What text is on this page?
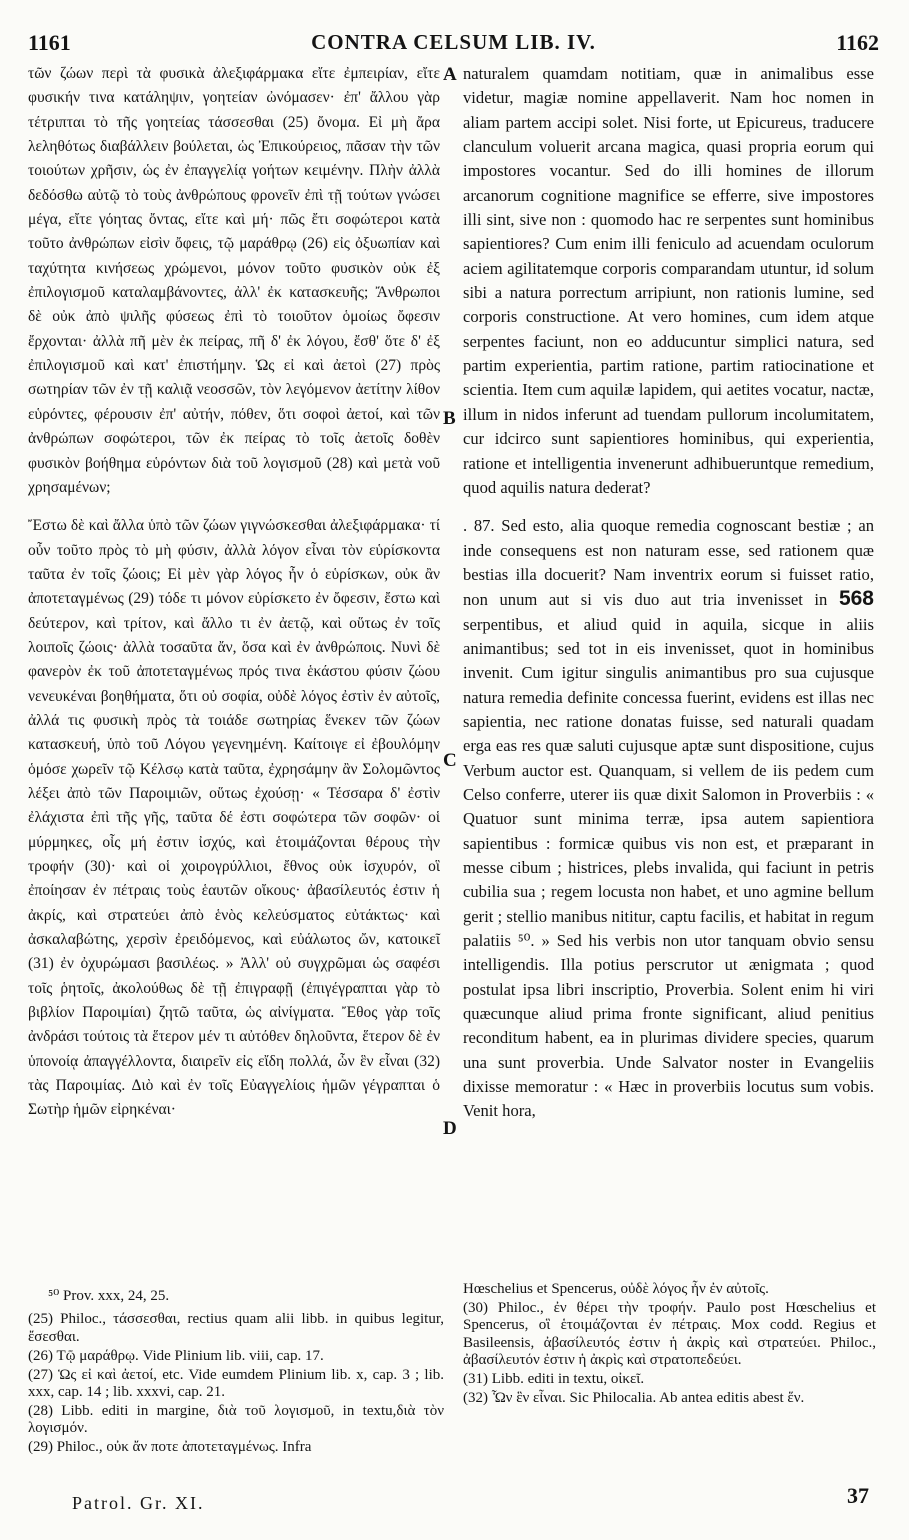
1161	CONTRA CELSUM LIB. IV.	1162

τῶν ζώων περὶ τὰ φυσικὰ ἀλεξιφάρμακα εἴτε ἐμπειρίαν, εἴτε φυσικήν τινα κατάληψιν, γοητείαν ὠνόμασεν· ἐπ' ἄλλου γὰρ τέτριπται τὸ τῆς γοητείας τάσσεσθαι (25) ὄνομα. Εἰ μὴ ἄρα λεληθότως διαβάλλειν βούλεται, ὡς Ἐπικούρειος, πᾶσαν τὴν τῶν τοιούτων χρῆσιν, ὡς ἐν ἐπαγγελίᾳ γοήτων κειμένην. Πλὴν ἀλλὰ δεδόσθω αὐτῷ τὸ τοὺς ἀνθρώπους φρονεῖν ἐπὶ τῇ τούτων γνώσει μέγα, εἴτε γόητας ὄντας, εἴτε καὶ μή· πῶς ἔτι σοφώτεροι κατὰ τοῦτο ἀνθρώπων εἰσὶν ὄφεις, τῷ μαράθρῳ (26) εἰς ὀξυωπίαν καὶ ταχύτητα κινήσεως χρώμενοι, μόνον τοῦτο φυσικὸν οὐκ ἐξ ἐπιλογισμοῦ καταλαμβάνοντες, ἀλλ' ἐκ κατασκευῆς; Ἄνθρωποι δὲ οὐκ ἀπὸ ψιλῆς φύσεως ἐπὶ τὸ τοιοῦτον ὁμοίως ὄφεσιν ἔρχονται· ἀλλὰ πῆ μὲν ἐκ πείρας, πῆ δ' ἐκ λόγου, ἔσθ' ὅτε δ' ἐξ ἐπιλογισμοῦ καὶ κατ' ἐπιστήμην. Ὡς εἰ καὶ ἀετοὶ (27) πρὸς σωτηρίαν τῶν ἐν τῇ καλιᾷ νεοσσῶν, τὸν λεγόμενον ἀετίτην λίθον εὑρόντες, φέρουσιν ἐπ' αὐτήν, πόθεν, ὅτι σοφοὶ ἀετοί, καὶ τῶν ἀνθρώπων σοφώτεροι, τῶν ἐκ πείρας τὸ τοῖς ἀετοῖς δοθὲν φυσικὸν βοήθημα εὑρόντων διὰ τοῦ λογισμοῦ (28) καὶ μετὰ νοῦ χρησαμένων;

Ἔστω δὲ καὶ ἄλλα ὑπὸ τῶν ζώων γιγνώσκεσθαι ἀλεξιφάρμακα· τί οὖν τοῦτο πρὸς τὸ μὴ φύσιν, ἀλλὰ λόγον εἶναι τὸν εὑρίσκοντα ταῦτα ἐν τοῖς ζώοις; Εἰ μὲν γὰρ λόγος ἦν ὁ εὑρίσκων, οὐκ ἂν ἀποτεταγμένως (29) τόδε τι μόνον εὑρίσκετο ἐν ὄφεσιν, ἔστω καὶ δεύτερον, καὶ τρίτον, καὶ ἄλλο τι ἐν ἀετῷ, καὶ οὕτως ἐν τοῖς λοιποῖς ζώοις· ἀλλὰ τοσαῦτα ἄν, ὅσα καὶ ἐν ἀνθρώποις. Νυνὶ δὲ φανερὸν ἐκ τοῦ ἀποτεταγμένως πρός τινα ἑκάστου φύσιν ζώου νενευκέναι βοηθήματα, ὅτι οὐ σοφία, οὐδὲ λόγος ἐστὶν ἐν αὐτοῖς, ἀλλά τις φυσικὴ πρὸς τὰ τοιάδε σωτηρίας ἕνεκεν τῶν ζώων κατασκευή, ὑπὸ τοῦ Λόγου γεγενημένη. Καίτοιγε εἰ ἐβουλόμην ὁμόσε χωρεῖν τῷ Κέλσῳ κατὰ ταῦτα, ἐχρησάμην ἂν Σολομῶντος λέξει ἀπὸ τῶν Παροιμιῶν, οὕτως ἐχούσῃ· « Τέσσαρα δ' ἐστὶν ἐλάχιστα ἐπὶ τῆς γῆς, ταῦτα δέ ἐστι σοφώτερα τῶν σοφῶν· οἱ μύρμηκες, οἷς μή ἐστιν ἰσχύς, καὶ ἑτοιμάζονται θέρους τὴν τροφήν (30)· καὶ οἱ χοιρογρύλλιοι, ἔθνος οὐκ ἰσχυρόν, οἳ ἐποίησαν ἐν πέτραις τοὺς ἑαυτῶν οἴκους· ἀβασίλευτός ἐστιν ἡ ἀκρίς, καὶ στρατεύει ἀπὸ ἑνὸς κελεύσματος εὐτάκτως· καὶ ἀσκαλαβώτης, χερσὶν ἐρειδόμενος, καὶ εὐάλωτος ὤν, κατοικεῖ (31) ἐν ὀχυρώμασι βασιλέως. » Ἀλλ' οὐ συγχρῶμαι ὡς σαφέσι τοῖς ῥητοῖς, ἀκολούθως δὲ τῇ ἐπιγραφῇ (ἐπιγέγραπται γὰρ τὸ βιβλίον Παροιμίαι) ζητῶ ταῦτα, ὡς αἰνίγματα. Ἔθος γὰρ τοῖς ἀνδράσι τούτοις τὰ ἕτερον μέν τι αὐτόθεν δηλοῦντα, ἕτερον δὲ ἐν ὑπονοίᾳ ἀπαγγέλλοντα, διαιρεῖν εἰς εἴδη πολλά, ὧν ἓν εἶναι (32) τὰς Παροιμίας. Διὸ καὶ ἐν τοῖς Εὐαγγελίοις ἡμῶν γέγραπται ὁ Σωτὴρ ἡμῶν εἰρηκέναι·

A
B
C
D

naturalem quamdam notitiam, quæ in animalibus esse videtur, magiæ nomine appellaverit. Nam hoc nomen in aliam partem accipi solet. Nisi forte, ut Epicureus, traducere clanculum voluerit arcana magica, quasi propria eorum qui impostores vocantur. Sed do illi homines de illorum arcanorum cognitione magnifice se efferre, sive impostores illi sint, sive non : quomodo hac re serpentes sunt hominibus sapientiores? Cum enim illi feniculo ad acuendam oculorum aciem agilitatemque corporis comparandam utuntur, id solum sibi a natura porrectum arripiunt, non rationis lumine, sed corporis constructione. At vero homines, cum idem atque serpentes faciunt, non eo adducuntur simplici natura, sed partim experientia, partim ratione, partim ratiocinatione et scientia. Item cum aquilæ lapidem, qui aetites vocatur, nactæ, illum in nidos inferunt ad tuendam pullorum incolumitatem, cur idcirco sunt sapientiores hominibus, qui experientia, ratione et intelligentia invenerunt adhibueruntque remedium, quod aquilis natura dederat?

. 87. Sed esto, alia quoque remedia cognoscant bestiæ ; an inde consequens est non naturam esse, sed rationem quæ bestias illa docuerit? Nam inventrix eorum si fuisset ratio, non unum aut si vis duo aut tria invenisset in 568 serpentibus, et aliud quid in aquila, sicque in aliis animantibus; sed tot in eis invenisset, quot in hominibus invenit. Cum igitur singulis animantibus pro sua cujusque natura remedia definite concessa fuerint, evidens est illas nec sapientia, nec ratione donatas fuisse, sed naturali quadam erga eas res quæ saluti cujusque aptæ sunt dispositione, cujus Verbum auctor est. Quanquam, si vellem de iis pedem cum Celso conferre, uterer iis quæ dixit Salomon in Proverbiis : « Quatuor sunt minima terræ, ipsa autem sapientiora sapientibus : formicæ quibus vis non est, et præparant in messe cibum ; histrices, plebs invalida, qui faciunt in petris cubilia sua ; regem locusta non habet, et uno agmine bellum gerit ; stellio manibus nititur, captu facilis, et habitat in regum palatiis ⁵⁰. » Sed his verbis non utor tanquam obvio sensu intelligendis. Illa potius perscrutor ut ænigmata ; quod postulat ipsa libri inscriptio, Proverbia. Solent enim hi viri quæcunque aliud prima fronte significant, aliud penitius reconditum habent, ea in plurimas dividere species, quarum una sunt proverbia. Unde Salvator noster in Evangeliis dixisse memoratur : « Hæc in proverbiis locutus sum vobis. Venit hora,

⁵⁰ Prov. xxx, 24, 25.

(25) Philoc., τάσσεσθαι, rectius quam alii libb. in quibus legitur, ἔσεσθαι.

(26) Τῷ μαράθρῳ. Vide Plinium lib. viii, cap. 17.

(27) Ὡς εἰ καὶ ἀετοί, etc. Vide eumdem Plinium lib. x, cap. 3 ; lib. xxx, cap. 14 ; lib. xxxvi, cap. 21.

(28) Libb. editi in margine, διὰ τοῦ λογισμοῦ, in textu,διὰ τὸν λογισμόν.

(29) Philoc., οὐκ ἄν ποτε ἀποτεταγμένως. Infra

Hœschelius et Spencerus, οὐδὲ λόγος ἦν ἐν αὐτοῖς.

(30) Philoc., ἐν θέρει τὴν τροφήν. Paulo post Hœschelius et Spencerus, οἳ ἑτοιμάζονται ἐν πέτραις. Mox codd. Regius et Basileensis, ἀβασίλευτός ἐστιν ἡ ἀκρὶς καὶ στρατεύει. Philoc., ἀβασίλευτόν ἐστιν ἡ ἀκρὶς καὶ στρατοπεδεύει.

(31) Libb. editi in textu, οἰκεῖ.

(32) Ὧν ἓν εἶναι. Sic Philocalia. Ab antea editis abest ἕν.

Patrol. Gr. XI.	37
